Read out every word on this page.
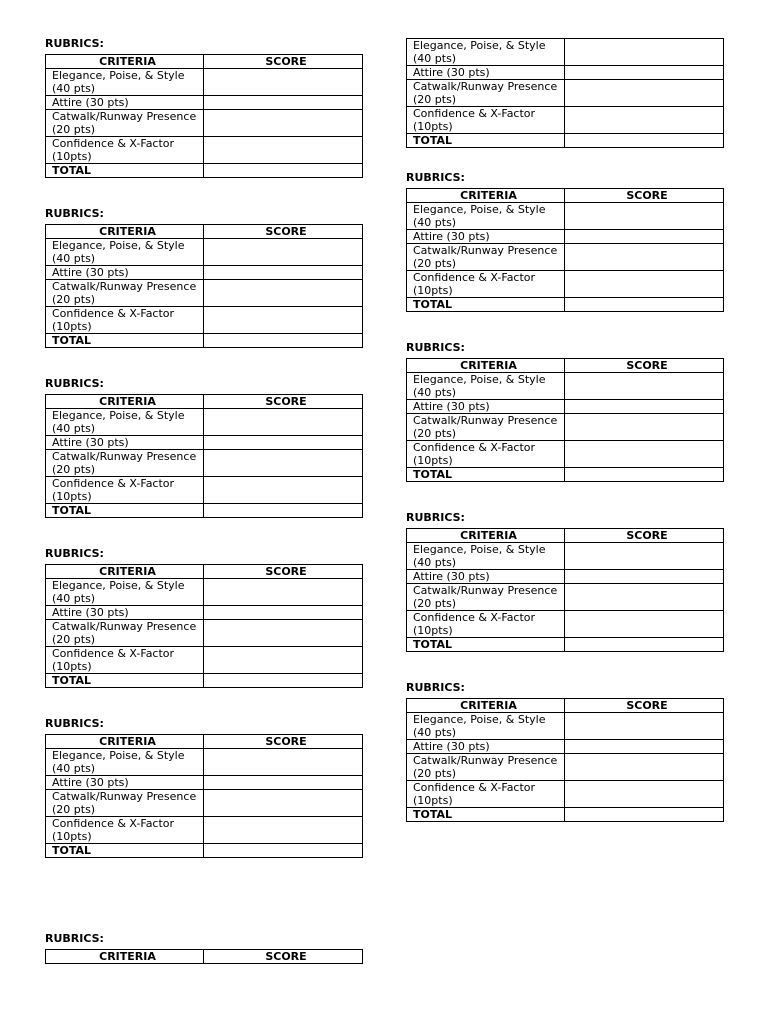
RUBRICS:
CRITERIA	SCORE
Elegance, Poise, & Style (40 pts)	
Attire (30 pts)	
Catwalk/Runway Presence (20 pts)	
Confidence & X-Factor (10pts)	
TOTAL	
RUBRICS:
CRITERIA	SCORE
Elegance, Poise, & Style (40 pts)	
Attire (30 pts)	
Catwalk/Runway Presence (20 pts)	
Confidence & X-Factor (10pts)	
TOTAL	
RUBRICS:
CRITERIA	SCORE
Elegance, Poise, & Style (40 pts)	
Attire (30 pts)	
Catwalk/Runway Presence (20 pts)	
Confidence & X-Factor (10pts)	
TOTAL	
RUBRICS:
CRITERIA	SCORE
Elegance, Poise, & Style (40 pts)	
Attire (30 pts)	
Catwalk/Runway Presence (20 pts)	
Confidence & X-Factor (10pts)	
TOTAL	
RUBRICS:
CRITERIA	SCORE
Elegance, Poise, & Style (40 pts)	
Attire (30 pts)	
Catwalk/Runway Presence (20 pts)	
Confidence & X-Factor (10pts)	
TOTAL	
RUBRICS:
CRITERIA	SCORE
Elegance, Poise, & Style (40 pts)	
Attire (30 pts)	
Catwalk/Runway Presence (20 pts)	
Confidence & X-Factor (10pts)	
TOTAL	
RUBRICS:
CRITERIA	SCORE
Elegance, Poise, & Style (40 pts)	
Attire (30 pts)	
Catwalk/Runway Presence (20 pts)	
Confidence & X-Factor (10pts)	
TOTAL	
RUBRICS:
CRITERIA	SCORE
Elegance, Poise, & Style (40 pts)	
Attire (30 pts)	
Catwalk/Runway Presence (20 pts)	
Confidence & X-Factor (10pts)	
TOTAL	
RUBRICS:
CRITERIA	SCORE
Elegance, Poise, & Style (40 pts)	
Attire (30 pts)	
Catwalk/Runway Presence (20 pts)	
Confidence & X-Factor (10pts)	
TOTAL	
RUBRICS:
CRITERIA	SCORE
Elegance, Poise, & Style (40 pts)	
Attire (30 pts)	
Catwalk/Runway Presence (20 pts)	
Confidence & X-Factor (10pts)	
TOTAL	
